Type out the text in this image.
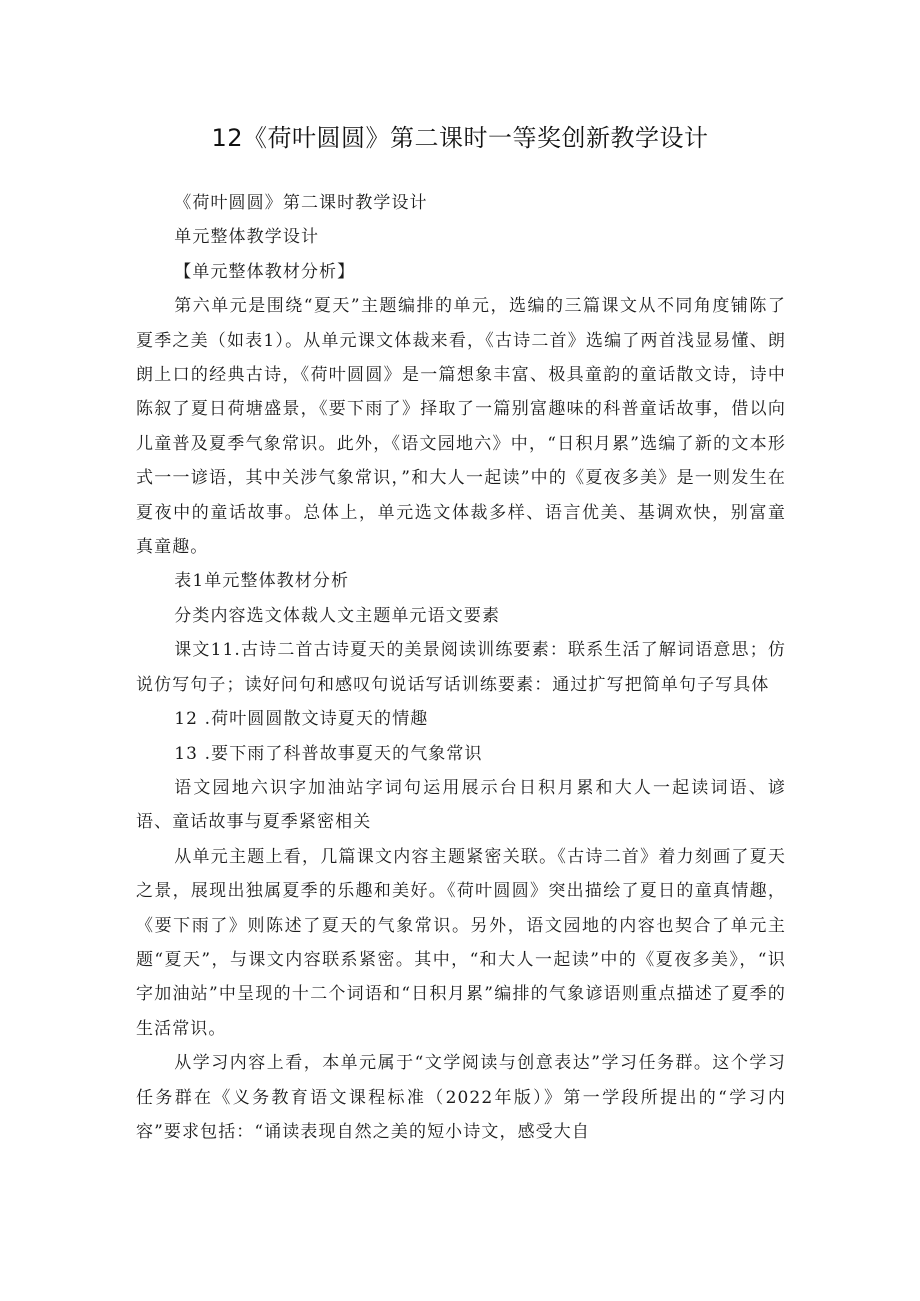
12《荷叶圆圆》第二课时一等奖创新教学设计

《荷叶圆圆》第二课时教学设计

单元整体教学设计

【单元整体教材分析】

第六单元是围绕“夏天”主题编排的单元，选编的三篇课文从不同角度铺陈了夏季之美（如表1）。从单元课文体裁来看，《古诗二首》选编了两首浅显易懂、朗朗上口的经典古诗，《荷叶圆圆》是一篇想象丰富、极具童韵的童话散文诗，诗中陈叙了夏日荷塘盛景，《要下雨了》择取了一篇别富趣味的科普童话故事，借以向儿童普及夏季气象常识。此外，《语文园地六》中，“日积月累”选编了新的文本形式一一谚语，其中关涉气象常识，”和大人一起读”中的《夏夜多美》是一则发生在夏夜中的童话故事。总体上，单元选文体裁多样、语言优美、基调欢快，别富童真童趣。

表1单元整体教材分析

分类内容选文体裁人文主题单元语文要素

课文11.古诗二首古诗夏天的美景阅读训练要素：联系生活了解词语意思；仿说仿写句子；读好问句和感叹句说话写话训练要素：通过扩写把简单句子写具体

12 .荷叶圆圆散文诗夏天的情趣

13 .要下雨了科普故事夏天的气象常识

语文园地六识字加油站字词句运用展示台日积月累和大人一起读词语、谚语、童话故事与夏季紧密相关

从单元主题上看，几篇课文内容主题紧密关联。《古诗二首》着力刻画了夏天之景，展现出独属夏季的乐趣和美好。《荷叶圆圆》突出描绘了夏日的童真情趣，《要下雨了》则陈述了夏天的气象常识。另外，语文园地的内容也契合了单元主题“夏天”，与课文内容联系紧密。其中，“和大人一起读”中的《夏夜多美》，“识字加油站”中呈现的十二个词语和“日积月累”编排的气象谚语则重点描述了夏季的生活常识。

从学习内容上看，本单元属于“文学阅读与创意表达”学习任务群。这个学习任务群在《义务教育语文课程标准（2022年版）》第一学段所提出的“学习内容”要求包括：“诵读表现自然之美的短小诗文，感受大自
